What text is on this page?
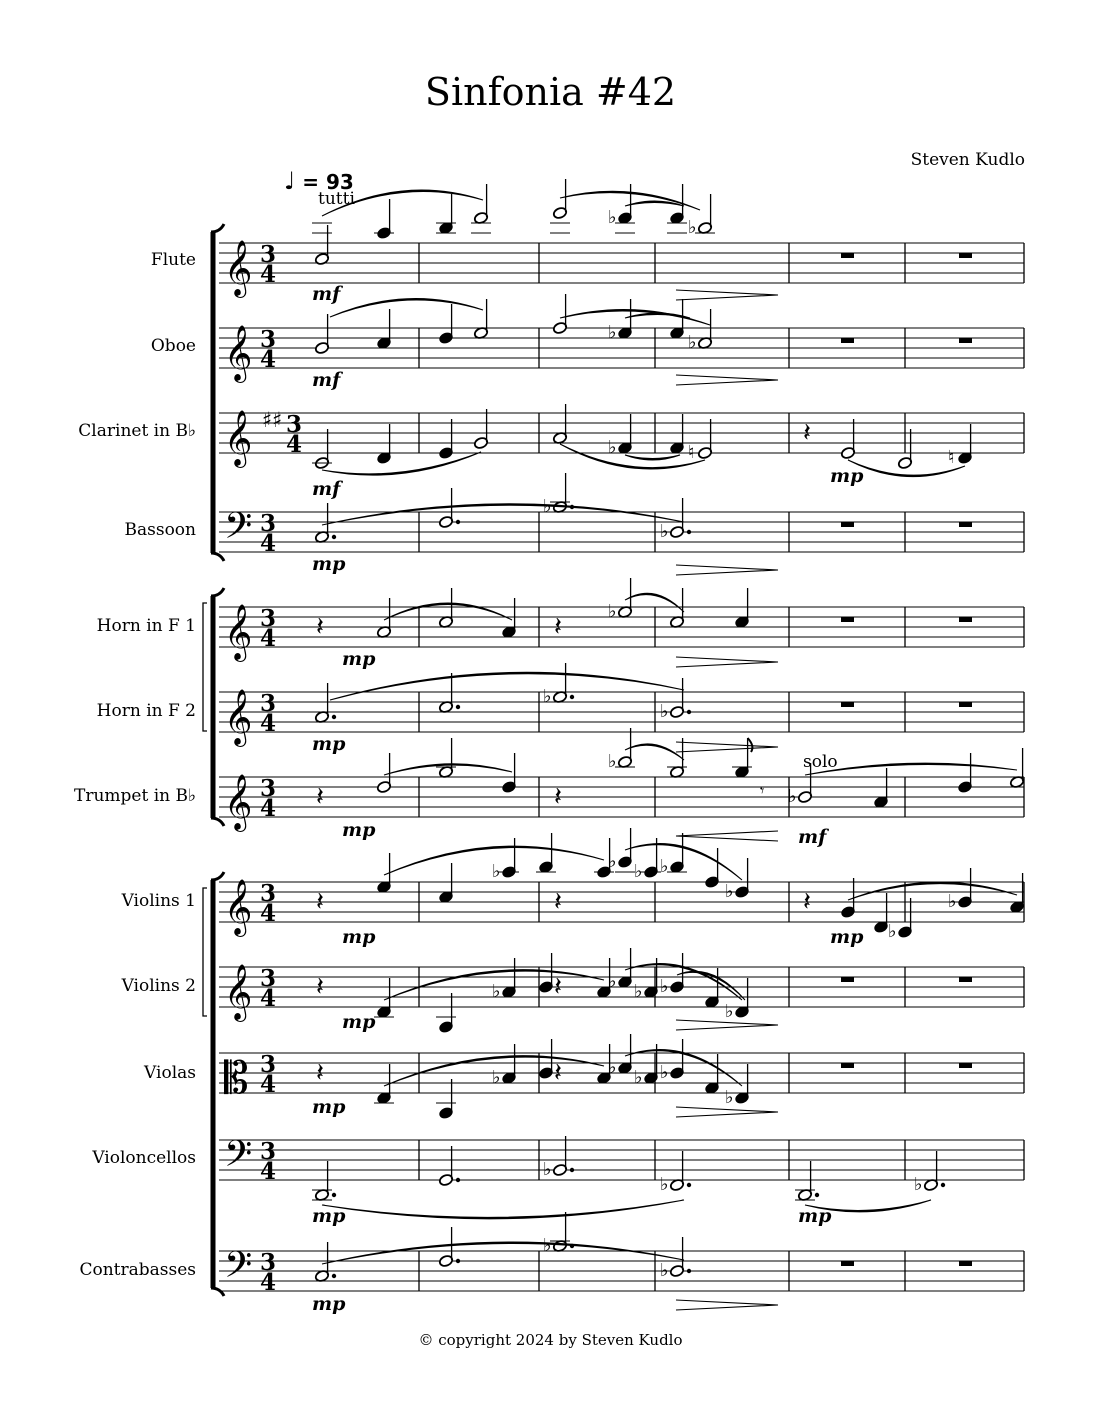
Sinfonia #42
Steven Kudlo
♩ = 93
tutti
solo
Flute
Oboe
Clarinet in B♭
Bassoon
Horn in F 1
Horn in F 2
Trumpet in B♭
Violins 1
Violins 2
Violas
Violoncellos
Contrabasses
𝄞 3
4
𝄞 3
4
𝄞 ♯♯ 3
4
𝄢 3
4
𝄞 3
4
𝄞 3
4
𝄞 3
4
𝄞 3
4
𝄞 3
4
𝄡 3
4
𝄢 3
4
𝄢 3
4
♭	♭
mf
♭	♭
mf
♭	♮
𝄽
♮
mf
mp
♭
♭
mp
𝄽	𝄽
♭
mp
♭
♭
mp
𝄽	𝄽
♭
𝄾 ♭
mp	mf
𝄽
♭
𝄽
♭ ♭ ♭
♭	𝄽
♭
♭
mp	mp
𝄽	♭ 𝄽	♭ ♭ ♭
♭
mp
𝄽	♭ 𝄽	♭ ♭ ♭
♭
mp
♭
♭	♭
mp	mp
♭
♭
mp
© copyright 2024 by Steven Kudlo
